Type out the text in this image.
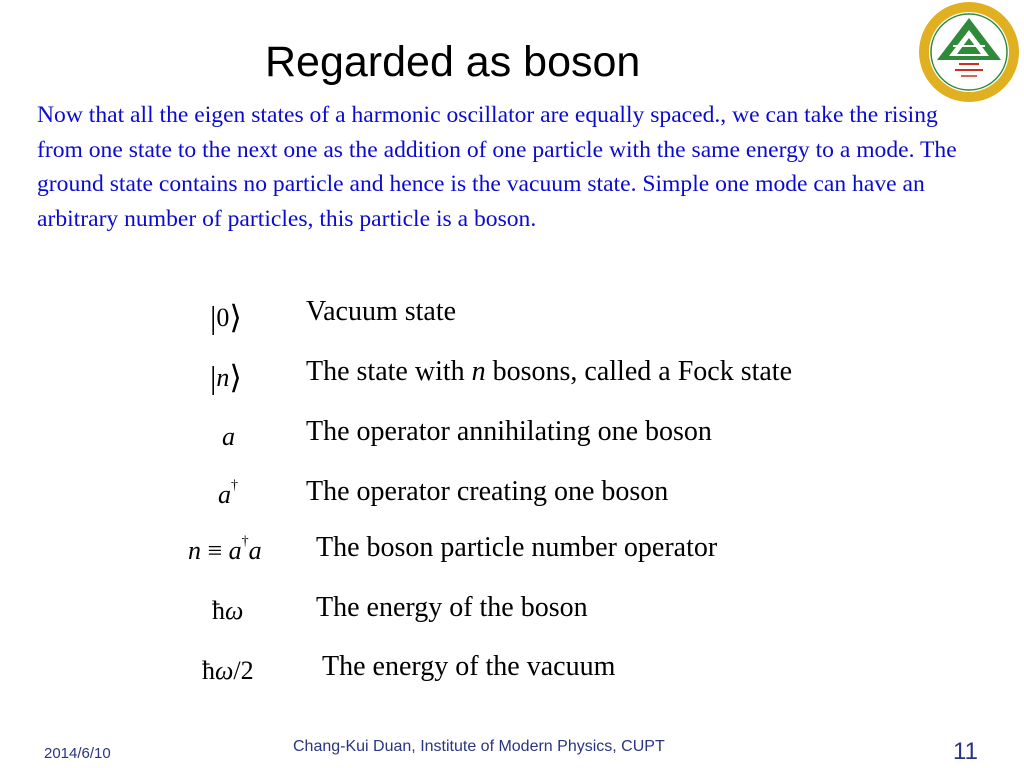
Regarded as boson
Now that all the eigen states of a harmonic oscillator are equally spaced., we can take the rising from one state to the next one as the addition of one particle with the same energy to a mode. The ground state contains no particle and hence is the vacuum state. Simple one mode can have an arbitrary number of particles, this particle is a boson.
|0⟩ Vacuum state
|n⟩ The state with n bosons, called a Fock state
a	The operator annihilating one boson
a† The operator creating one boson
n ≡ a†a The boson particle number operator
ħω	The energy of the boson
ħω/2 The energy of the vacuum
2014/6/10	Chang-Kui Duan, Institute of Modern Physics, CUPT	11
